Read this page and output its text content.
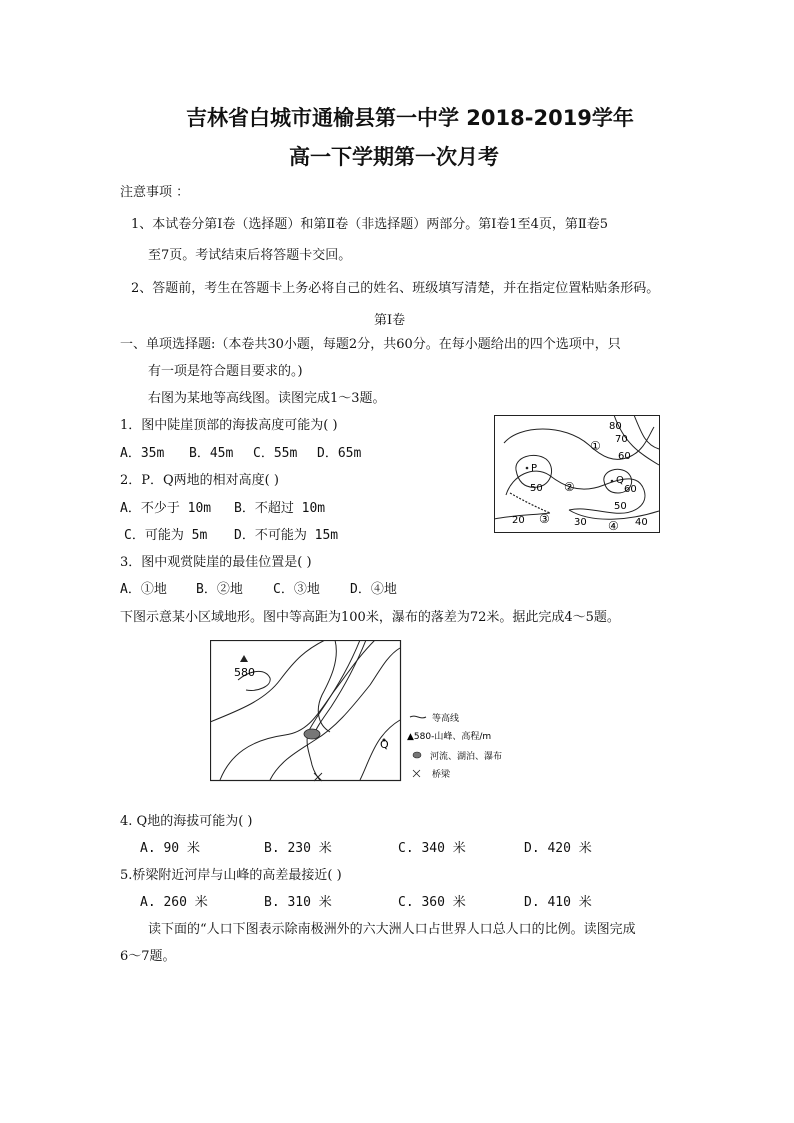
吉林省白城市通榆县第一中学 2018-2019学年
高一下学期第一次月考
注意事项 ：
1、本试卷分第Ⅰ卷（选择题）和第Ⅱ卷（非选择题）两部分。第Ⅰ卷1至4页，第Ⅱ卷5
至7页。考试结束后将答题卡交回。
2、答题前，考生在答题卡上务必将自己的姓名、班级填写清楚，并在指定位置粘贴条形码。
第Ⅰ卷
一、单项选择题:（本卷共30小题，每题2分，共60分。在每小题给出的四个选项中，只
有一项是符合题目要求的。)
右图为某地等高线图。读图完成1～3题。
1．图中陡崖顶部的海拔高度可能为( )
A．35m B．45m C．55m D．65m
2．P．Q两地的相对高度( )
A．不少于 10m B．不超过 10m
C．可能为 5m D．不可能为 15m
3．图中观赏陡崖的最佳位置是( )
A．①地 B．②地 C．③地 D．④地
下图示意某小区域地形。图中等高距为100米，瀑布的落差为72米。据此完成4～5题。
80
70
60
50	60
50
40
30
20
P
Q
①
②
③	④
580
Q
等高线
▲580-山峰、高程/m
河流、湖泊、瀑布
桥梁
4. Q地的海拔可能为( )
A. 90 米	B. 230 米	C. 340 米	D. 420 米
5.桥梁附近河岸与山峰的高差最接近( )
A. 260 米	B. 310 米	C. 360 米	D. 410 米
读下面的“人口下图表示除南极洲外的六大洲人口占世界人口总人口的比例。读图完成
6～7题。
